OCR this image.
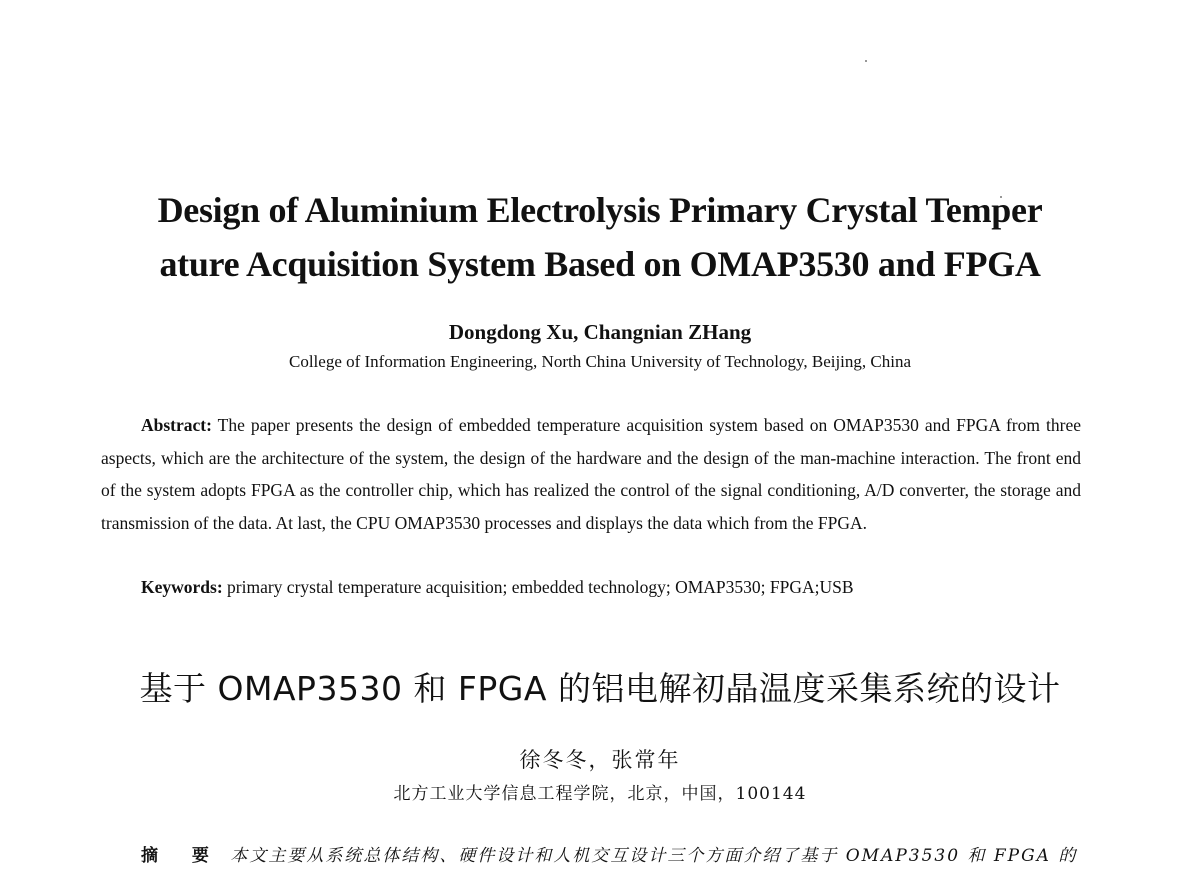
Design of Aluminium Electrolysis Primary Crystal Temper
ature Acquisition System Based on OMAP3530 and FPGA
Dongdong Xu, Changnian ZHang
College of Information Engineering, North China University of Technology, Beijing, China

Abstract: The paper presents the design of embedded temperature acquisition system based on OMAP3530 and FPGA from three aspects, which are the architecture of the system, the design of the hardware and the design of the man-machine interaction. The front end of the system adopts FPGA as the controller chip, which has realized the control of the signal conditioning, A/D converter, the storage and transmission of the data. At last, the CPU OMAP3530 processes and displays the data which from the FPGA.

Keywords: primary crystal temperature acquisition; embedded technology; OMAP3530; FPGA;USB

基于 OMAP3530 和 FPGA 的铝电解初晶温度采集系统的设计
徐冬冬，张常年
北方工业大学信息工程学院，北京，中国，100144
摘 要 本文主要从系统总体结构、硬件设计和人机交互设计三个方面介绍了基于 OMAP3530 和 FPGA 的
